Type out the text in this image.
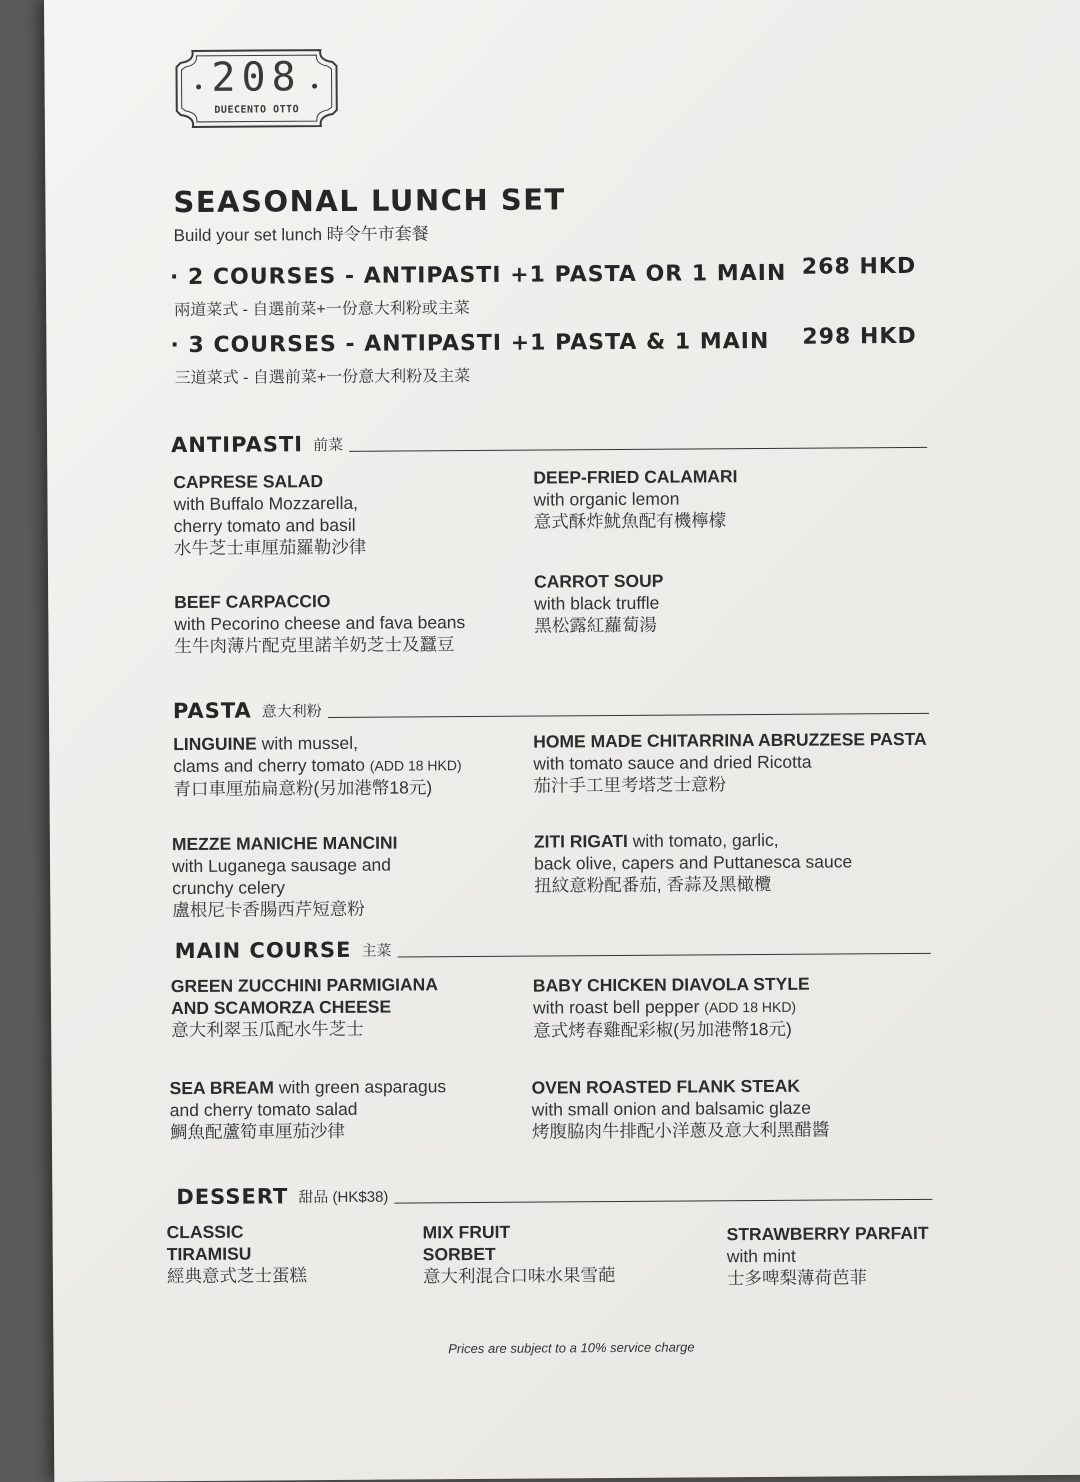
208
DUECENTO OTTO
SEASONAL LUNCH SET
Build your set lunch 時令午市套餐
· 2 COURSES - ANTIPASTI +1 PASTA OR 1 MAIN 268 HKD
兩道菜式 - 自選前菜+一份意大利粉或主菜
· 3 COURSES - ANTIPASTI +1 PASTA & 1 MAIN 298 HKD
三道菜式 - 自選前菜+一份意大利粉及主菜
ANTIPASTI 前菜
CAPRESE SALAD
with Buffalo Mozzarella,
cherry tomato and basil
水牛芝士車厘茄羅勒沙律
DEEP-FRIED CALAMARI
with organic lemon
意式酥炸魷魚配有機檸檬
BEEF CARPACCIO
with Pecorino cheese and fava beans
生牛肉薄片配克里諾羊奶芝士及蠶豆
CARROT SOUP
with black truffle
黑松露紅蘿蔔湯
PASTA 意大利粉
LINGUINE with mussel,
clams and cherry tomato (ADD 18 HKD)
青口車厘茄扁意粉(另加港幣18元)
HOME MADE CHITARRINA ABRUZZESE PASTA
with tomato sauce and dried Ricotta
茄汁手工里考塔芝士意粉
MEZZE MANICHE MANCINI
with Luganega sausage and
crunchy celery
盧根尼卡香腸西芹短意粉
ZITI RIGATI with tomato, garlic,
back olive, capers and Puttanesca sauce
扭紋意粉配番茄, 香蒜及黑橄欖
MAIN COURSE 主菜
GREEN ZUCCHINI PARMIGIANA
AND SCAMORZA CHEESE
意大利翠玉瓜配水牛芝士
BABY CHICKEN DIAVOLA STYLE
with roast bell pepper (ADD 18 HKD)
意式烤春雞配彩椒(另加港幣18元)
SEA BREAM with green asparagus
and cherry tomato salad
鯛魚配蘆筍車厘茄沙律
OVEN ROASTED FLANK STEAK
with small onion and balsamic glaze
烤腹脇肉牛排配小洋蔥及意大利黑醋醬
DESSERT 甜品 (HK$38)
CLASSIC
TIRAMISU
經典意式芝士蛋糕
MIX FRUIT
SORBET
意大利混合口味水果雪葩
STRAWBERRY PARFAIT
with mint
士多啤梨薄荷芭菲
Prices are subject to a 10% service charge
